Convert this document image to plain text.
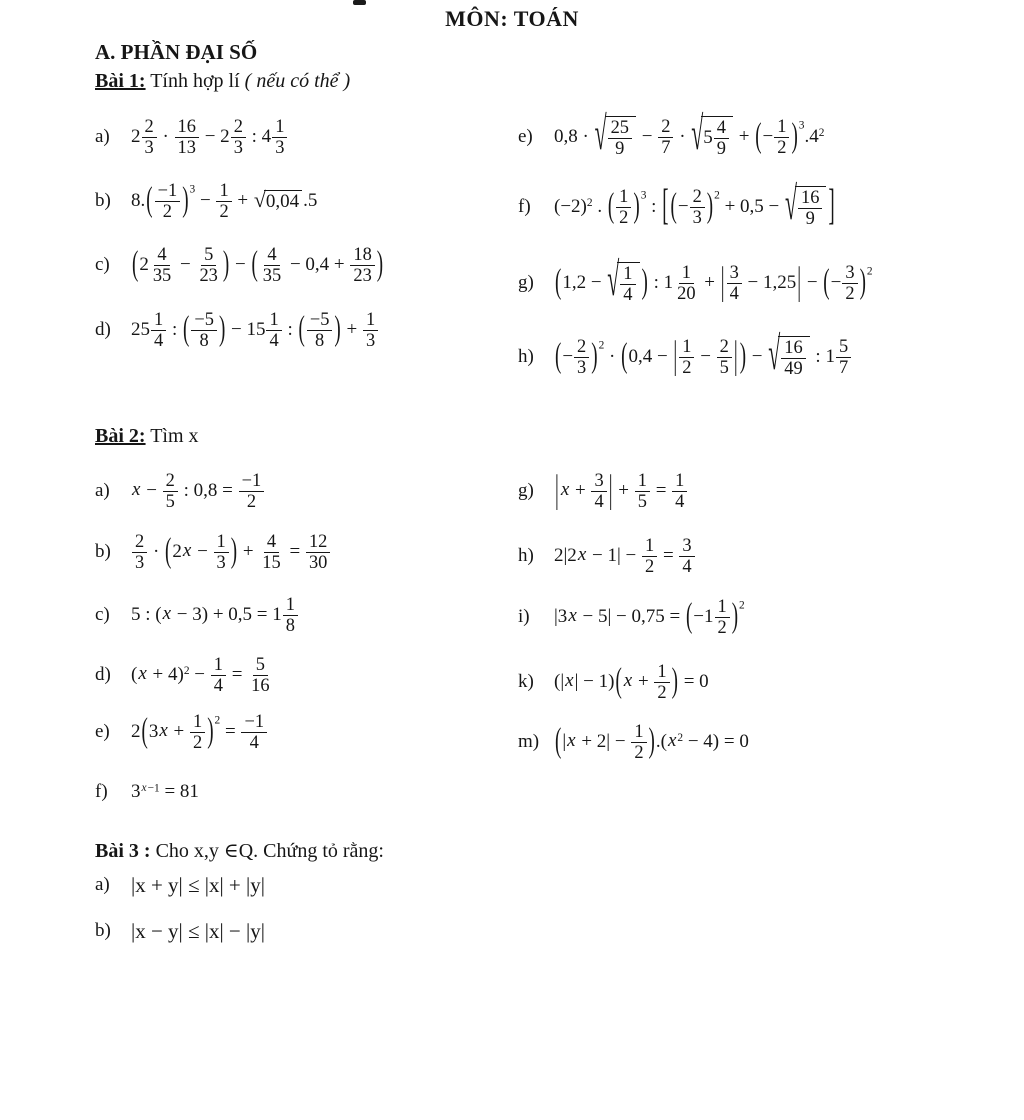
MÔN: TOÁN
A. PHẦN ĐẠI SỐ
Bài 1: Tính hợp lí ( nếu có thể )
a)	$2 \frac{2}{3} \cdot \frac{16}{13} - 2 \frac{2}{3}$ : $4 \frac{1}{3}$
b)	$8.( \frac{-1}{2} )^3 - \frac{1}{2}$ + √ 0,04 .5
c)	($2 \frac{4}{35} - \frac{5}{23}$ ) − ( $\frac{4}{35} - 0,4 + \frac{18}{23}$ )
d)	$25 \frac{1}{4}$ : ( $\frac{-5}{8}$ ) − $15 \frac{1}{4}$ : ( $\frac{-5}{8}$ ) + $\frac{1}{3}$
e)	0,8 · √ $\frac{25}{9} - \frac{2}{7}$ · √ $5 \frac{4}{9}$ + (− $\frac{1}{2} )^3.4^2$
f)	$(-2)^2$ . ( $\frac{1}{2} )^3$ : [ (− $\frac{2}{3} )^2 + 0,5$ − √ $\frac{16}{9}$ ]
g)	(1,2 − √ $\frac{1}{4}$ ) : $1 \frac{1}{20}$ + | $\frac{3}{4} - 1,25|$ − (− $\frac{3}{2} )^2$
h)	(− $\frac{2}{3} )^2 \cdot (0,4$ − | $\frac{1}{2} - \frac{2}{5}$ | ) − √ $\frac{16}{49}$ : $1 \frac{5}{7}$
Bài 2: Tìm x
a)	$x - \frac{2}{5}$ : $0,8 = \frac{-1}{2}$
b)	$\frac{2}{3} \cdot (2x - \frac{1}{3}$ ) + $\frac{4}{15} = \frac{12}{30}$
c)	5 : $(x - 3) + 0,5 = 1 \frac{1}{8}$
d)	$(x + 4)^2 - \frac{1}{4} = \frac{5}{16}$
e)	$2(3x + \frac{1}{2} )^2 = \frac{-1}{4}$
f)	$3^{x-1} = 81$
g)	| $x + \frac{3}{4}$ | + $\frac{1}{5} = \frac{1}{4}$
h)	$2|2x - 1| - \frac{1}{2} = \frac{3}{4}$
i)	$|3x - 5| - 0,75 = (-1 \frac{1}{2} )^2$
k)	(|x| − 1)( $x + \frac{1}{2}$ ) = 0
m) $(|x + 2| - \frac{1}{2} ).(x^2 - 4) = 0$
Bài 3 : Cho x,y ∈Q. Chứng tỏ rằng:
a)	|x + y| ≤ |x| + |y|
b) |x − y| ≤ |x| − |y|
